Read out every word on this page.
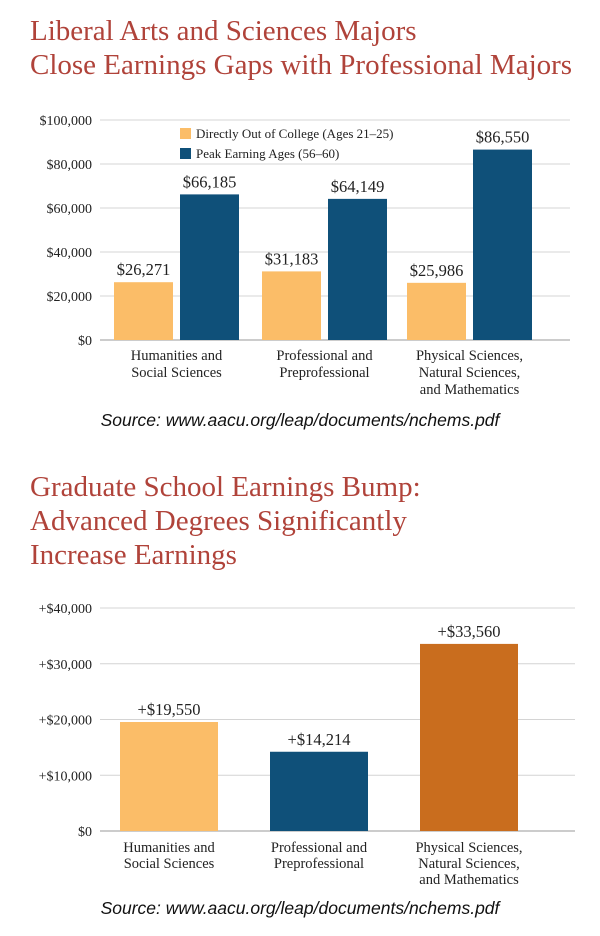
Liberal Arts and Sciences Majors
Close Earnings Gaps with Professional Majors
$0
$20,000
$40,000
$60,000
$80,000
$100,000
$26,271
$66,185
Humanities and
Social Sciences
$31,183
$64,149
Professional and
Preprofessional
$25,986
$86,550
Physical Sciences,
Natural Sciences,
and Mathematics
Directly Out of College (Ages 21–25)
Peak Earning Ages (56–60)
Source: www.aacu.org/leap/documents/nchems.pdf
Graduate School Earnings Bump:
Advanced Degrees Significantly
Increase Earnings
$0
+$10,000
+$20,000
+$30,000
+$40,000
+$19,550
Humanities and
Social Sciences
+$14,214
Professional and
Preprofessional
+$33,560
Physical Sciences,
Natural Sciences,
and Mathematics
Source: www.aacu.org/leap/documents/nchems.pdf
